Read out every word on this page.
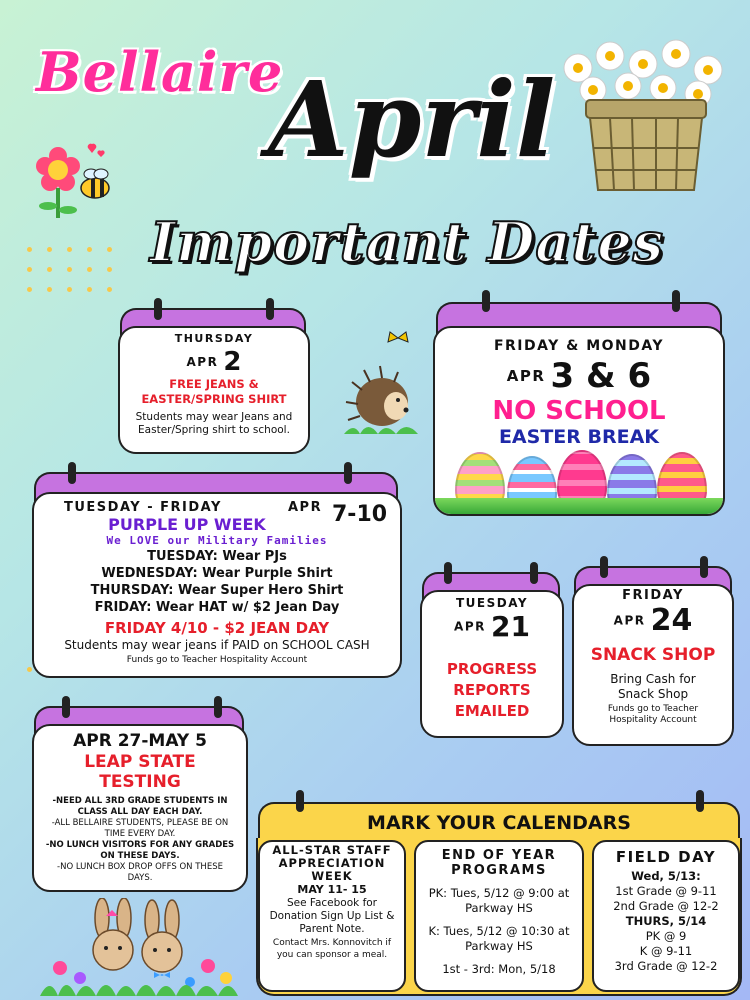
Bellaire
April
Important Dates
THURSDAY
APR 2
FREE JEANS & EASTER/SPRING SHIRT
Students may wear Jeans and Easter/Spring shirt to school.
FRIDAY & MONDAY
APR 3 & 6
NO SCHOOL
EASTER BREAK
TUESDAY - FRIDAY	APR 7-10
PURPLE UP WEEK
We LOVE our Military Families
TUESDAY: Wear PJs
WEDNESDAY: Wear Purple Shirt
THURSDAY: Wear Super Hero Shirt
FRIDAY: Wear HAT w/ $2 Jean Day
FRIDAY 4/10 - $2 JEAN DAY
Students may wear jeans if PAID on SCHOOL CASH
Funds go to Teacher Hospitality Account
TUESDAY
APR 21
PROGRESS REPORTS EMAILED
FRIDAY
APR 24
SNACK SHOP
Bring Cash for Snack Shop
Funds go to Teacher Hospitality Account
APR 27-MAY 5
LEAP STATE TESTING
-NEED ALL 3RD GRADE STUDENTS IN CLASS ALL DAY EACH DAY.
-ALL BELLAIRE STUDENTS, PLEASE BE ON TIME EVERY DAY.
-NO LUNCH VISITORS FOR ANY GRADES ON THESE DAYS.
-NO LUNCH BOX DROP OFFS ON THESE DAYS.
MARK YOUR CALENDARS
ALL-STAR STAFF APPRECIATION WEEK
MAY 11- 15
See Facebook for Donation Sign Up List & Parent Note.
Contact Mrs. Konnovitch if you can sponsor a meal.
END OF YEAR PROGRAMS
PK: Tues, 5/12 @ 9:00 at Parkway HS
K: Tues, 5/12 @ 10:30 at Parkway HS
1st - 3rd: Mon, 5/18
FIELD DAY
Wed, 5/13:
1st Grade @ 9-11
2nd Grade @ 12-2
THURS, 5/14
PK @ 9
K @ 9-11
3rd Grade @ 12-2
